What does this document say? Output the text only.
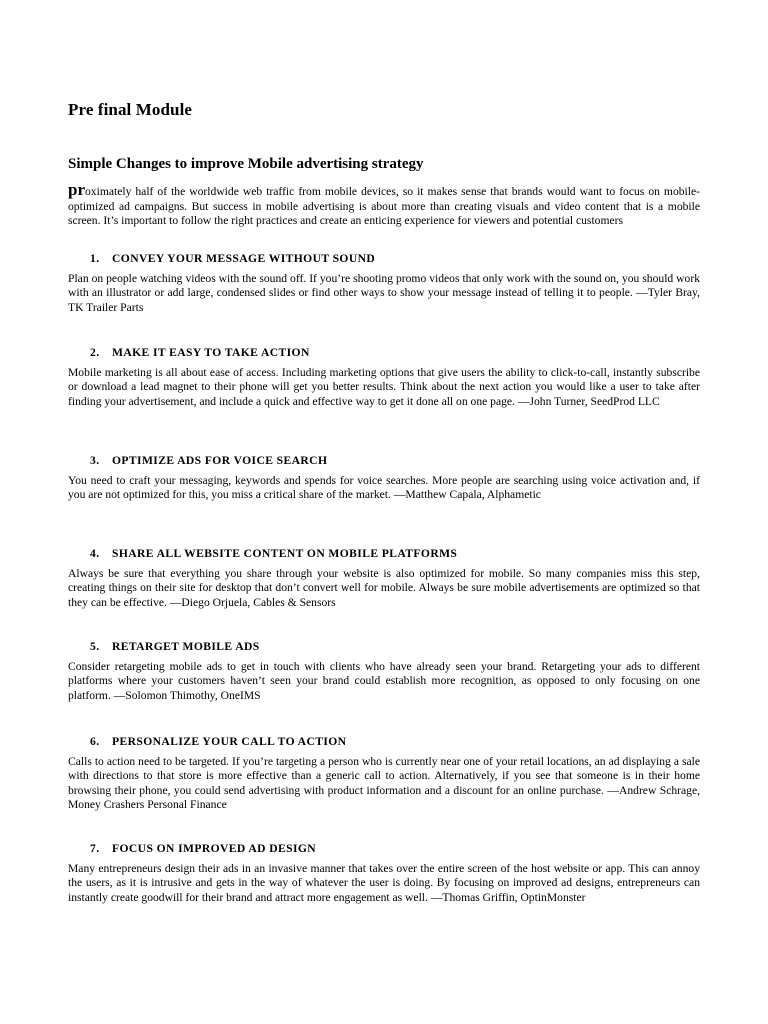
Pre final Module
Simple Changes to improve Mobile advertising strategy

proximately half of the worldwide web traffic from mobile devices, so it makes sense that brands would want to focus on mobile-optimized ad campaigns. But success in mobile advertising is about more than creating visuals and video content that is a mobile screen. It’s important to follow the right practices and create an enticing experience for viewers and potential customers

1.	CONVEY YOUR MESSAGE WITHOUT SOUND

Plan on people watching videos with the sound off. If you’re shooting promo videos that only work with the sound on, you should work with an illustrator or add large, condensed slides or find other ways to show your message instead of telling it to people. —Tyler Bray, TK Trailer Parts

2.	MAKE IT EASY TO TAKE ACTION

Mobile marketing is all about ease of access. Including marketing options that give users the ability to click-to-call, instantly subscribe or download a lead magnet to their phone will get you better results. Think about the next action you would like a user to take after finding your advertisement, and include a quick and effective way to get it done all on one page. —John Turner, SeedProd LLC

3.	OPTIMIZE ADS FOR VOICE SEARCH

You need to craft your messaging, keywords and spends for voice searches. More people are searching using voice activation and, if you are not optimized for this, you miss a critical share of the market. —Matthew Capala, Alphametic

4.	SHARE ALL WEBSITE CONTENT ON MOBILE PLATFORMS

Always be sure that everything you share through your website is also optimized for mobile. So many companies miss this step, creating things on their site for desktop that don’t convert well for mobile. Always be sure mobile advertisements are optimized so that they can be effective. —Diego Orjuela, Cables & Sensors

5.	RETARGET MOBILE ADS

Consider retargeting mobile ads to get in touch with clients who have already seen your brand. Retargeting your ads to different platforms where your customers haven’t seen your brand could establish more recognition, as opposed to only focusing on one platform. —Solomon Thimothy, OneIMS

6.	PERSONALIZE YOUR CALL TO ACTION

Calls to action need to be targeted. If you’re targeting a person who is currently near one of your retail locations, an ad displaying a sale with directions to that store is more effective than a generic call to action. Alternatively, if you see that someone is in their home browsing their phone, you could send advertising with product information and a discount for an online purchase. —Andrew Schrage, Money Crashers Personal Finance

7.	FOCUS ON IMPROVED AD DESIGN

Many entrepreneurs design their ads in an invasive manner that takes over the entire screen of the host website or app. This can annoy the users, as it is intrusive and gets in the way of whatever the user is doing. By focusing on improved ad designs, entrepreneurs can instantly create goodwill for their brand and attract more engagement as well. —Thomas Griffin, OptinMonster
